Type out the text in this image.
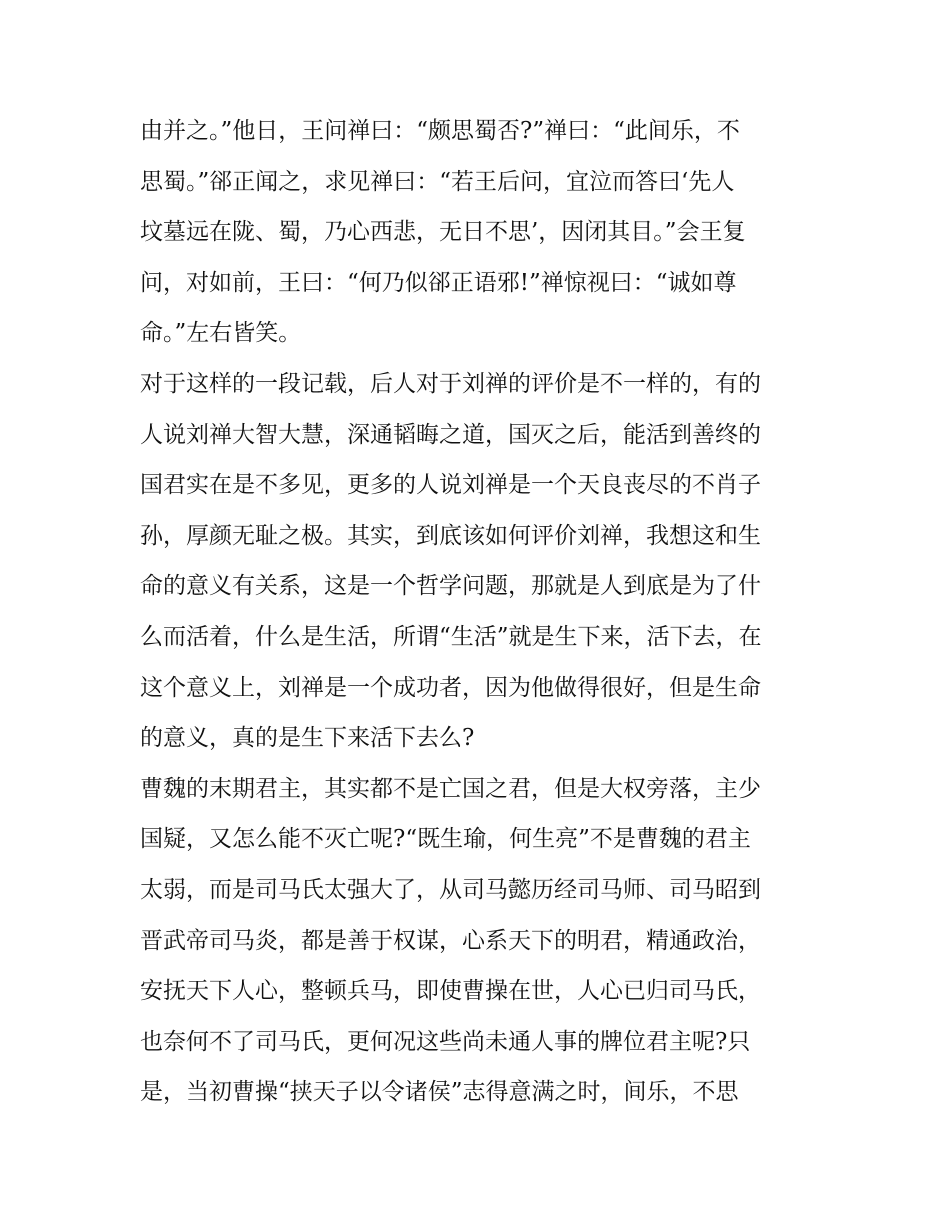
由并之。”他日，王问禅曰：“颇思蜀否?”禅曰：“此间乐，不
思蜀。”郤正闻之，求见禅曰：“若王后问，宜泣而答曰‘先人
坟墓远在陇、蜀，乃心西悲，无日不思’，因闭其目。”会王复
问，对如前，王曰：“何乃似郤正语邪!”禅惊视曰：“诚如尊
命。”左右皆笑。

对于这样的一段记载，后人对于刘禅的评价是不一样的，有的
人说刘禅大智大慧，深通韬晦之道，国灭之后，能活到善终的
国君实在是不多见，更多的人说刘禅是一个天良丧尽的不肖子
孙，厚颜无耻之极。其实，到底该如何评价刘禅，我想这和生
命的意义有关系，这是一个哲学问题，那就是人到底是为了什
么而活着，什么是生活，所谓“生活”就是生下来，活下去，在
这个意义上，刘禅是一个成功者，因为他做得很好，但是生命
的意义，真的是生下来活下去么?

曹魏的末期君主，其实都不是亡国之君，但是大权旁落，主少
国疑，又怎么能不灭亡呢?“既生瑜，何生亮”不是曹魏的君主
太弱，而是司马氏太强大了，从司马懿历经司马师、司马昭到
晋武帝司马炎，都是善于权谋，心系天下的明君，精通政治，
安抚天下人心，整顿兵马，即使曹操在世，人心已归司马氏，
也奈何不了司马氏，更何况这些尚未通人事的牌位君主呢?只
是，当初曹操“挟天子以令诸侯”志得意满之时，间乐，不思
